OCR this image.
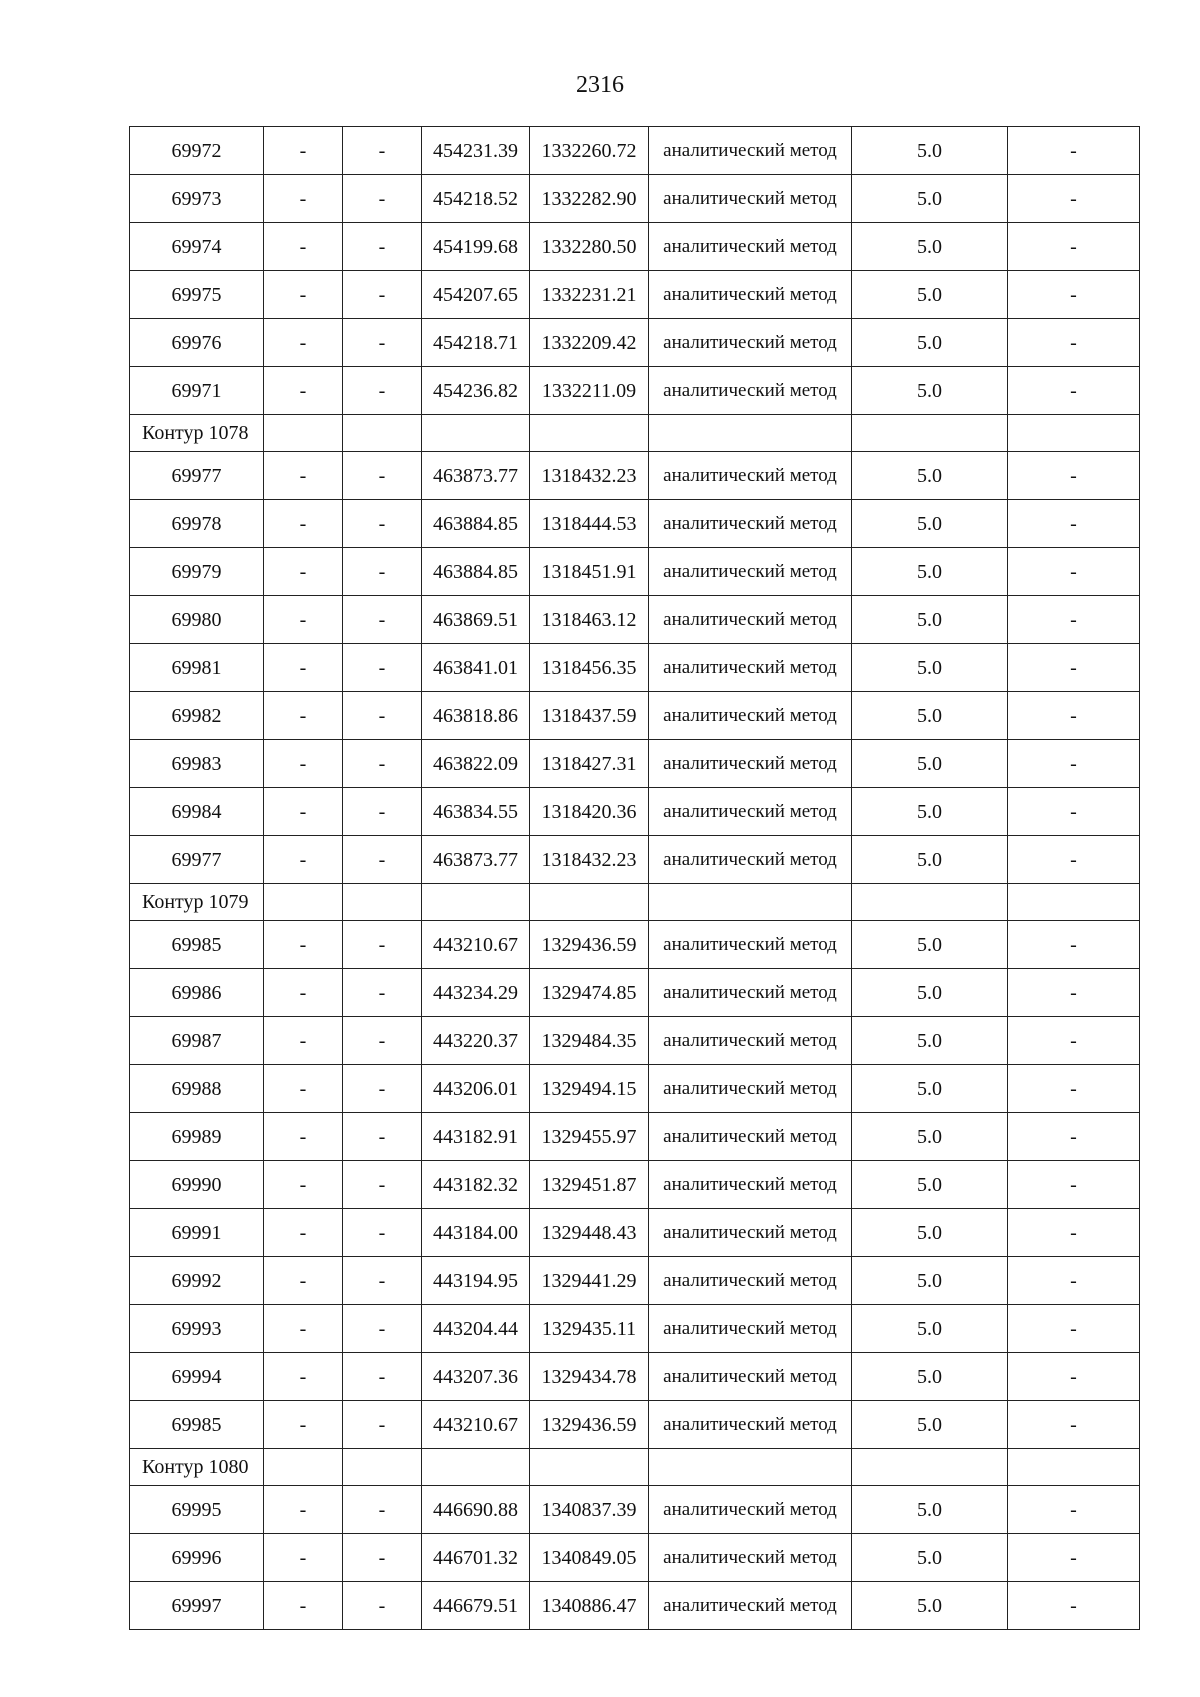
2316
69972	-	-	454231.39	1332260.72	аналитический метод	5.0	-
69973	-	-	454218.52	1332282.90	аналитический метод	5.0	-
69974	-	-	454199.68	1332280.50	аналитический метод	5.0	-
69975	-	-	454207.65	1332231.21	аналитический метод	5.0	-
69976	-	-	454218.71	1332209.42	аналитический метод	5.0	-
69971	-	-	454236.82	1332211.09	аналитический метод	5.0	-
Контур 1078							
69977	-	-	463873.77	1318432.23	аналитический метод	5.0	-
69978	-	-	463884.85	1318444.53	аналитический метод	5.0	-
69979	-	-	463884.85	1318451.91	аналитический метод	5.0	-
69980	-	-	463869.51	1318463.12	аналитический метод	5.0	-
69981	-	-	463841.01	1318456.35	аналитический метод	5.0	-
69982	-	-	463818.86	1318437.59	аналитический метод	5.0	-
69983	-	-	463822.09	1318427.31	аналитический метод	5.0	-
69984	-	-	463834.55	1318420.36	аналитический метод	5.0	-
69977	-	-	463873.77	1318432.23	аналитический метод	5.0	-
Контур 1079							
69985	-	-	443210.67	1329436.59	аналитический метод	5.0	-
69986	-	-	443234.29	1329474.85	аналитический метод	5.0	-
69987	-	-	443220.37	1329484.35	аналитический метод	5.0	-
69988	-	-	443206.01	1329494.15	аналитический метод	5.0	-
69989	-	-	443182.91	1329455.97	аналитический метод	5.0	-
69990	-	-	443182.32	1329451.87	аналитический метод	5.0	-
69991	-	-	443184.00	1329448.43	аналитический метод	5.0	-
69992	-	-	443194.95	1329441.29	аналитический метод	5.0	-
69993	-	-	443204.44	1329435.11	аналитический метод	5.0	-
69994	-	-	443207.36	1329434.78	аналитический метод	5.0	-
69985	-	-	443210.67	1329436.59	аналитический метод	5.0	-
Контур 1080							
69995	-	-	446690.88	1340837.39	аналитический метод	5.0	-
69996	-	-	446701.32	1340849.05	аналитический метод	5.0	-
69997	-	-	446679.51	1340886.47	аналитический метод	5.0	-
